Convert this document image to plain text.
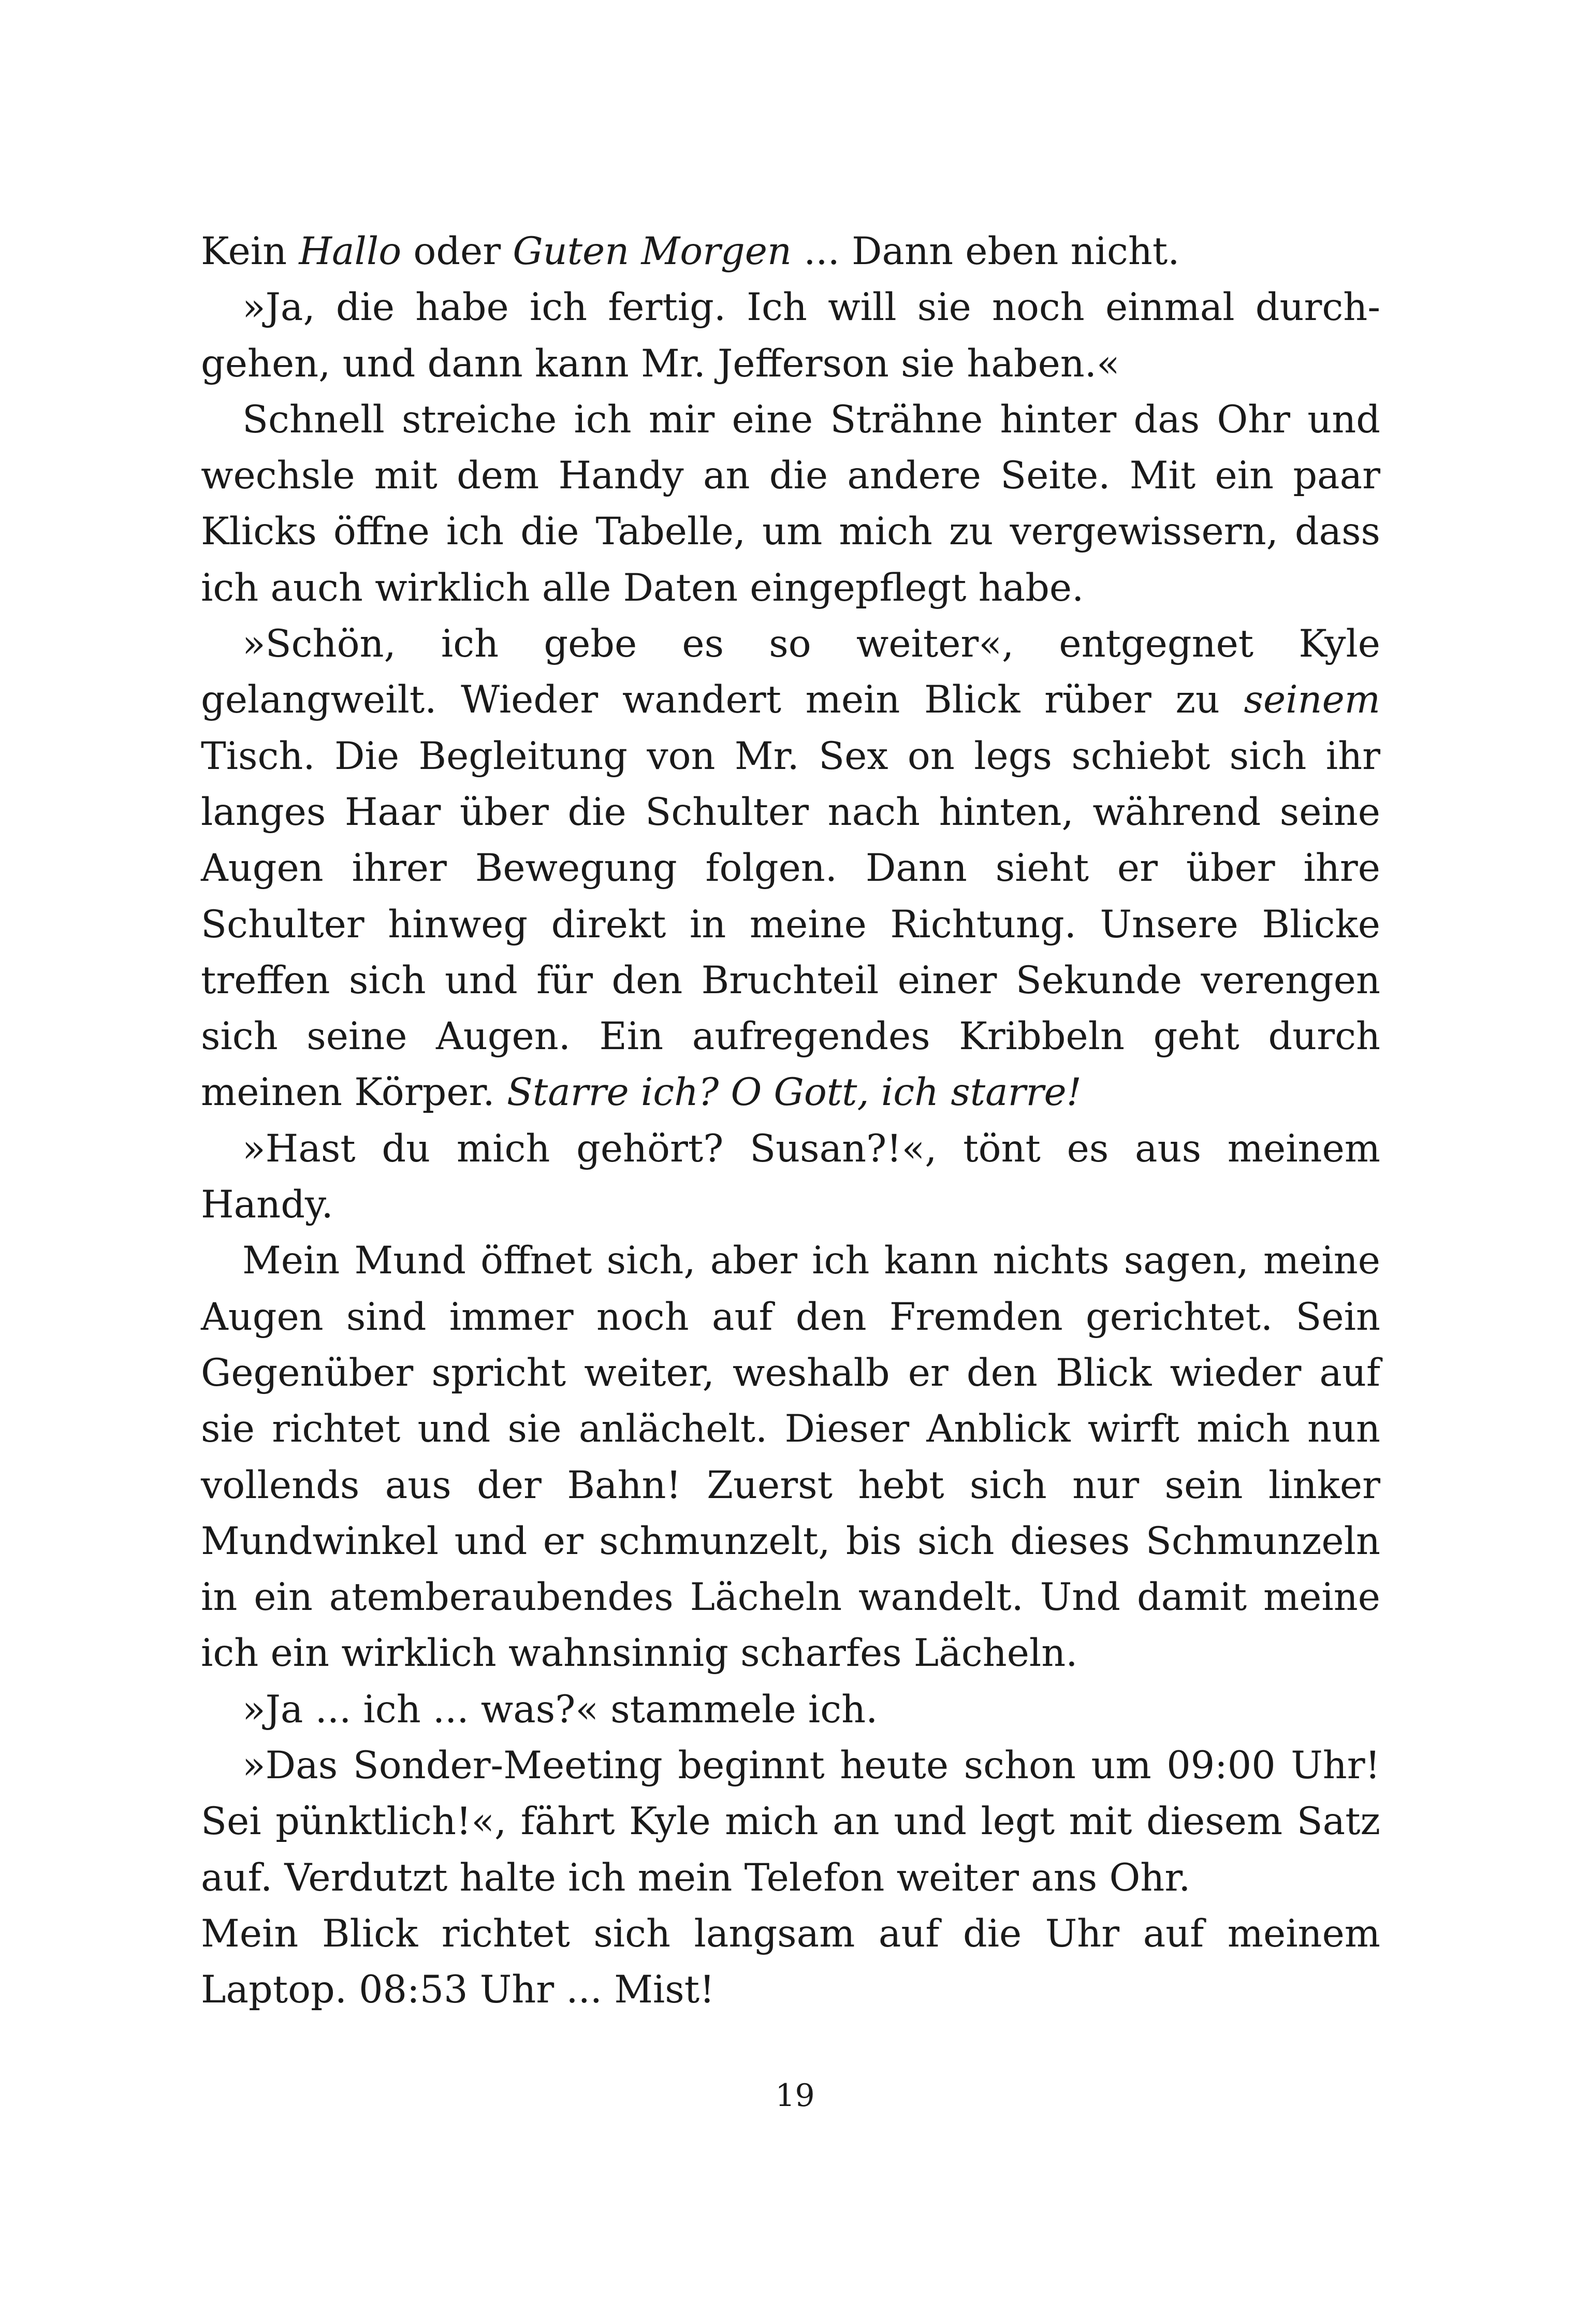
Kein Hallo oder Guten Morgen ... Dann eben nicht.

»Ja, die habe ich fertig. Ich will sie noch einmal durchgehen, und dann kann Mr. Jefferson sie haben.«

Schnell streiche ich mir eine Strähne hinter das Ohr und wechsle mit dem Handy an die andere Seite. Mit ein paar Klicks öffne ich die Tabelle, um mich zu vergewissern, dass ich auch wirklich alle Daten eingepflegt habe.

»Schön, ich gebe es so weiter«, entgegnet Kyle gelangweilt. Wieder wandert mein Blick rüber zu seinem Tisch. Die Begleitung von Mr. Sex on legs schiebt sich ihr langes Haar über die Schulter nach hinten, während seine Augen ihrer Bewegung folgen. Dann sieht er über ihre Schulter hinweg direkt in meine Richtung. Unsere Blicke treffen sich und für den Bruchteil einer Sekunde verengen sich seine Augen. Ein aufregendes Kribbeln geht durch meinen Körper. Starre ich? O Gott, ich starre!

»Hast du mich gehört? Susan?!«, tönt es aus meinem Handy.

Mein Mund öffnet sich, aber ich kann nichts sagen, meine Augen sind immer noch auf den Fremden gerichtet. Sein Gegenüber spricht weiter, weshalb er den Blick wieder auf sie richtet und sie anlächelt. Dieser Anblick wirft mich nun vollends aus der Bahn! Zuerst hebt sich nur sein linker Mundwinkel und er schmunzelt, bis sich dieses Schmunzeln in ein atemberaubendes Lächeln wandelt. Und damit meine ich ein wirklich wahnsinnig scharfes Lächeln.

»Ja ... ich ... was?« stammele ich.

»Das Sonder-Meeting beginnt heute schon um 09:00 Uhr! Sei pünktlich!«, fährt Kyle mich an und legt mit diesem Satz auf. Verdutzt halte ich mein Telefon weiter ans Ohr.

Mein Blick richtet sich langsam auf die Uhr auf meinem Laptop. 08:53 Uhr ... Mist!

19
